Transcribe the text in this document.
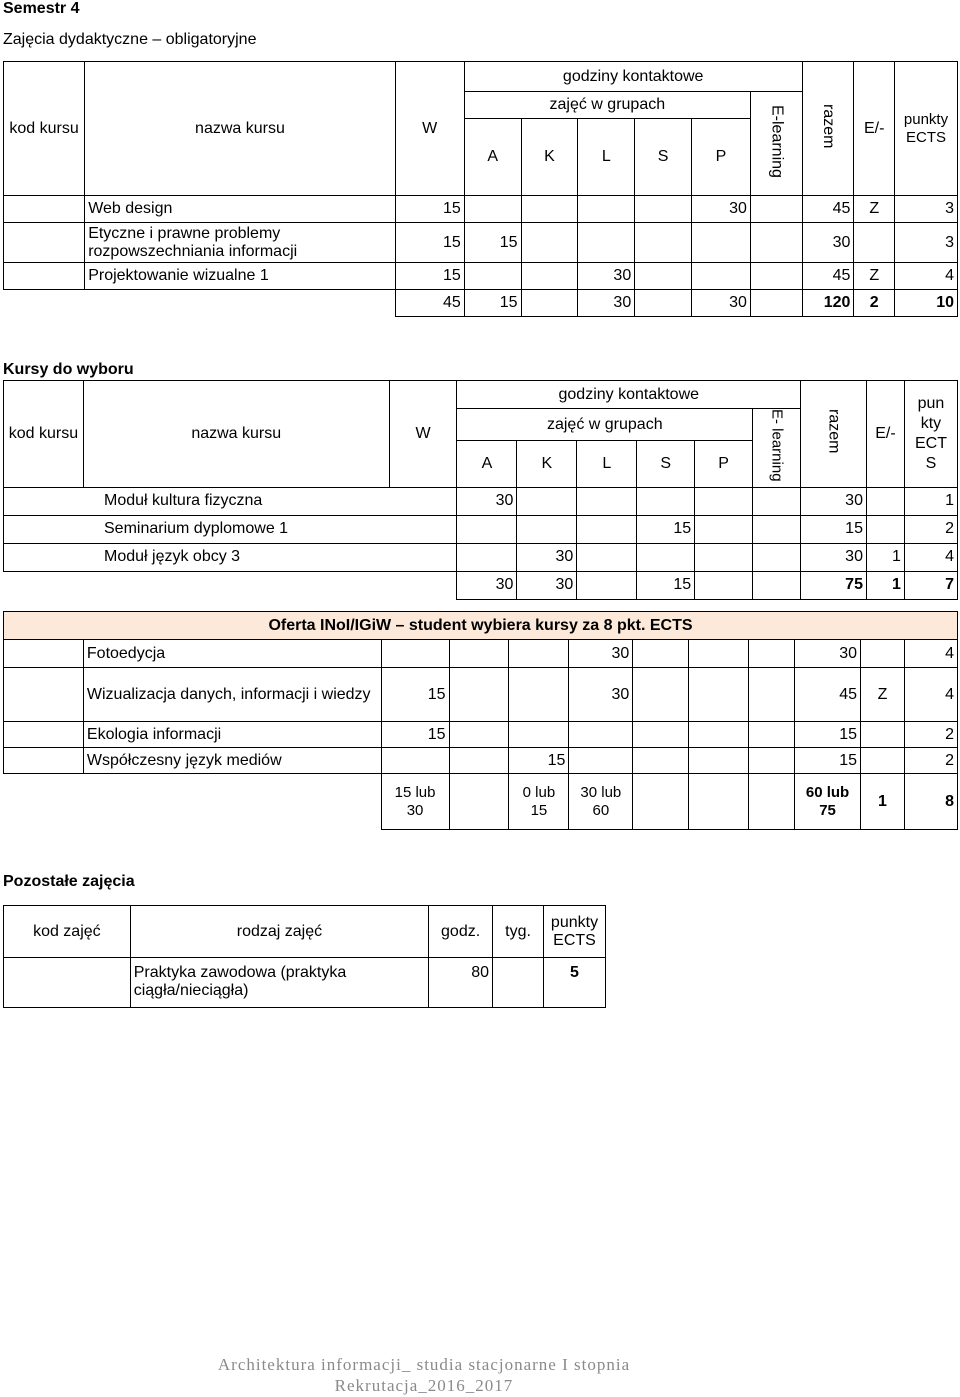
Semestr 4
Zajęcia dydaktyczne – obligatoryjne
kod kursu	nazwa kursu	W	godziny kontaktowe						razem	E/-	punkty ECTS
			zajęć w grupach					E-learning			
			A	K	L	S	P				
	Web design	15					30		45	Z	3
	Etyczne i prawne problemy rozpowszechniania informacji	15	15						30		3
	Projektowanie wizualne 1	15			30				45	Z	4
		45	15		30		30		120	2	10
Kursy do wyboru
kod kursu	nazwa kursu	W	godziny kontaktowe						razem	E/-	pun kty ECT S
			zajęć w grupach					E- learning			
			A	K	L	S	P				
Moduł kultura fizyczna			30						30		1
Seminarium dyplomowe 1						15			15		2
Moduł język obcy 3				30					30	1	4
			30	30		15			75	1	7
Oferta INoI/IGiW – student wybiera kursy za 8 pkt. ECTS											
	Fotoedycja				30				30		4
	Wizualizacja danych, informacji i wiedzy	15			30				45	Z	4
	Ekologia informacji	15							15		2
	Współczesny język mediów			15					15		2
		15 lub 30		0 lub 15	30 lub 60				60 lub 75	1	8
Pozostałe zajęcia
kod zajęć	rodzaj zajęć	godz.	tyg.	punkty ECTS
	Praktyka zawodowa (praktyka ciągła/nieciągła)	80		5
Architektura informacji_ studia stacjonarne I stopnia
Rekrutacja_2016_2017
